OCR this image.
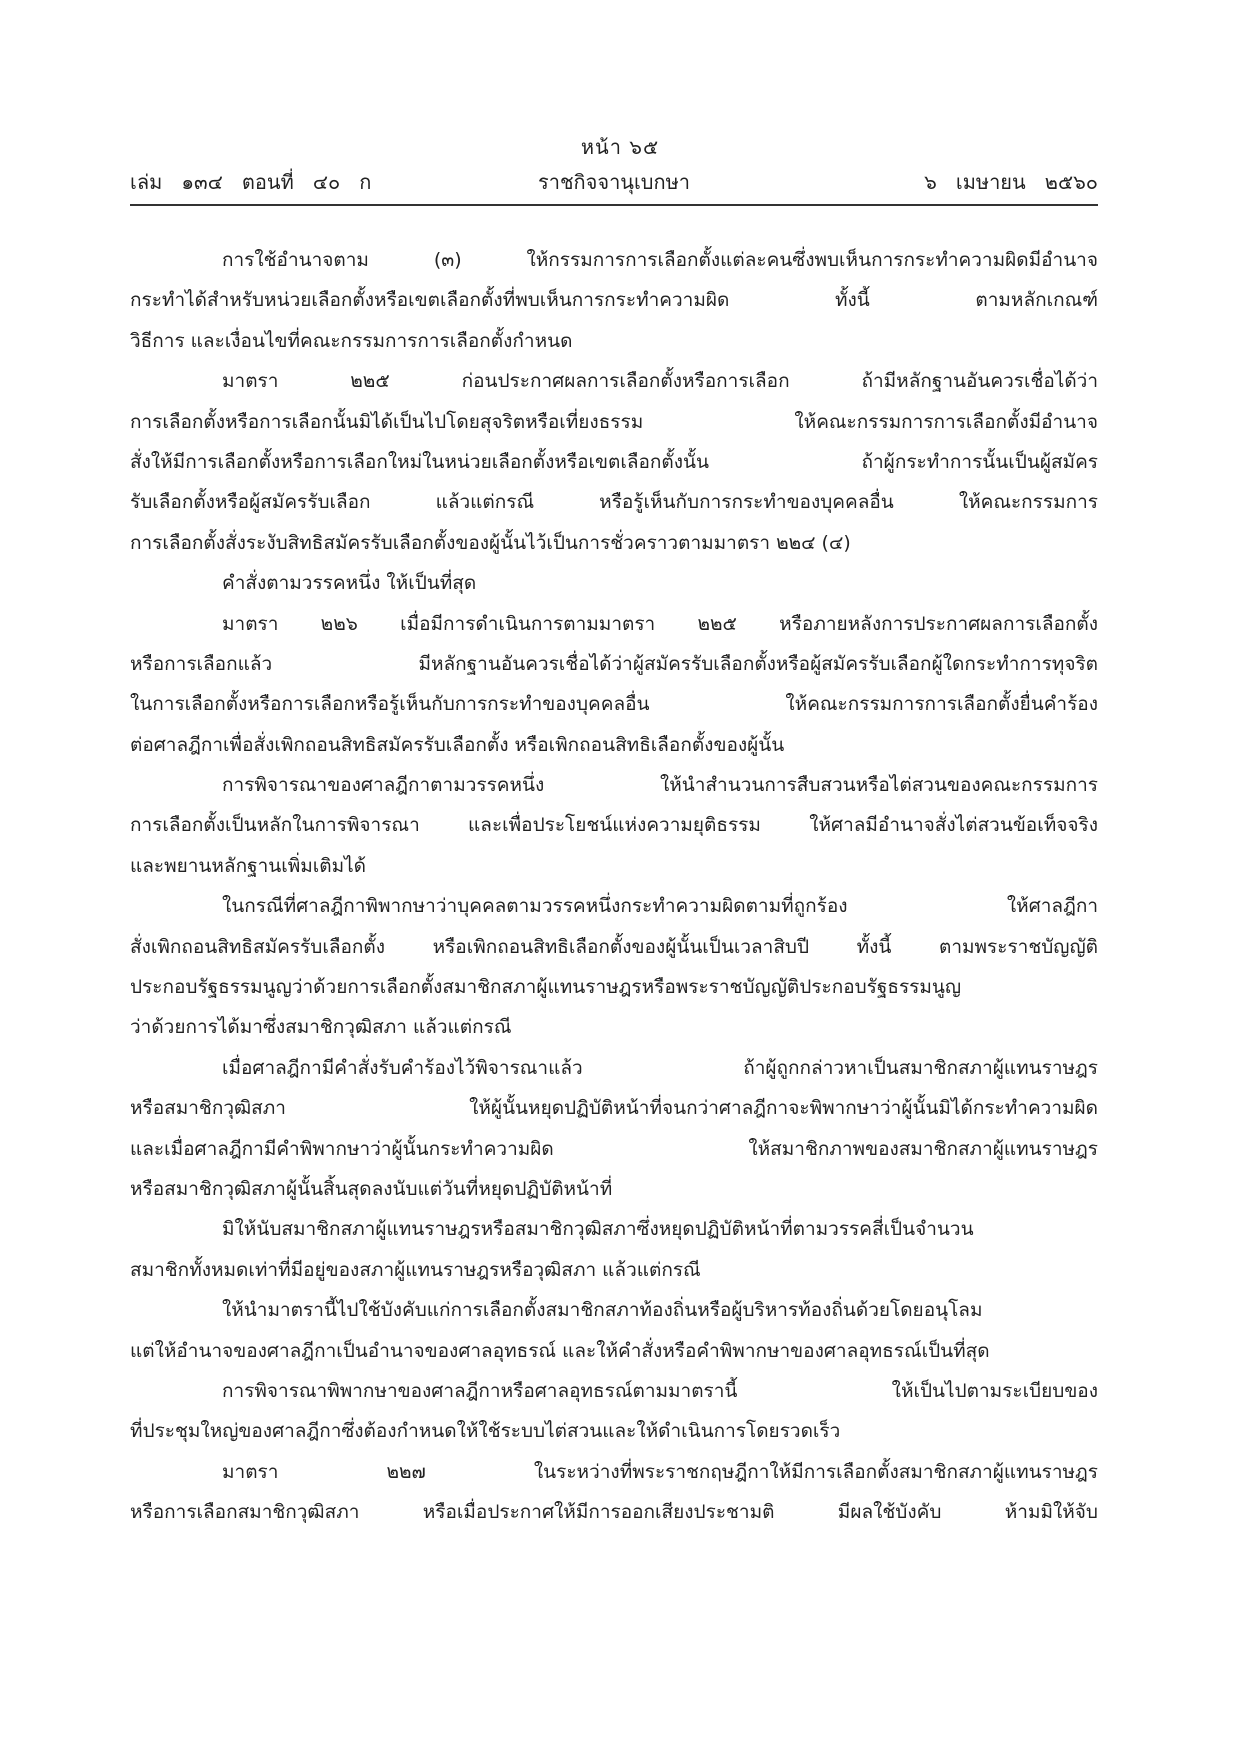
หน้า ๖๕
เล่ม   ๑๓๔   ตอนที่   ๔๐   ก	ราชกิจจานุเบกษา	๖   เมษายน   ๒๕๖๐
การใช้อำนาจตาม (๓) ให้กรรมการการเลือกตั้งแต่ละคนซึ่งพบเห็นการกระทำความผิดมีอำนาจ
กระทำได้สำหรับหน่วยเลือกตั้งหรือเขตเลือกตั้งที่พบเห็นการกระทำความผิด ทั้งนี้ ตามหลักเกณฑ์
วิธีการ และเงื่อนไขที่คณะกรรมการการเลือกตั้งกำหนด
มาตรา ๒๒๕ ก่อนประกาศผลการเลือกตั้งหรือการเลือก ถ้ามีหลักฐานอันควรเชื่อได้ว่า
การเลือกตั้งหรือการเลือกนั้นมิได้เป็นไปโดยสุจริตหรือเที่ยงธรรม ให้คณะกรรมการการเลือกตั้งมีอำนาจ
สั่งให้มีการเลือกตั้งหรือการเลือกใหม่ในหน่วยเลือกตั้งหรือเขตเลือกตั้งนั้น ถ้าผู้กระทำการนั้นเป็นผู้สมัคร
รับเลือกตั้งหรือผู้สมัครรับเลือก แล้วแต่กรณี หรือรู้เห็นกับการกระทำของบุคคลอื่น ให้คณะกรรมการ
การเลือกตั้งสั่งระงับสิทธิสมัครรับเลือกตั้งของผู้นั้นไว้เป็นการชั่วคราวตามมาตรา ๒๒๔ (๔)
คำสั่งตามวรรคหนึ่ง ให้เป็นที่สุด
มาตรา ๒๒๖ เมื่อมีการดำเนินการตามมาตรา ๒๒๕ หรือภายหลังการประกาศผลการเลือกตั้ง
หรือการเลือกแล้ว มีหลักฐานอันควรเชื่อได้ว่าผู้สมัครรับเลือกตั้งหรือผู้สมัครรับเลือกผู้ใดกระทำการทุจริต
ในการเลือกตั้งหรือการเลือกหรือรู้เห็นกับการกระทำของบุคคลอื่น ให้คณะกรรมการการเลือกตั้งยื่นคำร้อง
ต่อศาลฎีกาเพื่อสั่งเพิกถอนสิทธิสมัครรับเลือกตั้ง หรือเพิกถอนสิทธิเลือกตั้งของผู้นั้น
การพิจารณาของศาลฎีกาตามวรรคหนึ่ง ให้นำสำนวนการสืบสวนหรือไต่สวนของคณะกรรมการ
การเลือกตั้งเป็นหลักในการพิจารณา และเพื่อประโยชน์แห่งความยุติธรรม ให้ศาลมีอำนาจสั่งไต่สวนข้อเท็จจริง
และพยานหลักฐานเพิ่มเติมได้
ในกรณีที่ศาลฎีกาพิพากษาว่าบุคคลตามวรรคหนึ่งกระทำความผิดตามที่ถูกร้อง ให้ศาลฎีกา
สั่งเพิกถอนสิทธิสมัครรับเลือกตั้ง หรือเพิกถอนสิทธิเลือกตั้งของผู้นั้นเป็นเวลาสิบปี ทั้งนี้ ตามพระราชบัญญัติ
ประกอบรัฐธรรมนูญว่าด้วยการเลือกตั้งสมาชิกสภาผู้แทนราษฎรหรือพระราชบัญญัติประกอบรัฐธรรมนูญ
ว่าด้วยการได้มาซึ่งสมาชิกวุฒิสภา แล้วแต่กรณี
เมื่อศาลฎีกามีคำสั่งรับคำร้องไว้พิจารณาแล้ว ถ้าผู้ถูกกล่าวหาเป็นสมาชิกสภาผู้แทนราษฎร
หรือสมาชิกวุฒิสภา ให้ผู้นั้นหยุดปฏิบัติหน้าที่จนกว่าศาลฎีกาจะพิพากษาว่าผู้นั้นมิได้กระทำความผิด
และเมื่อศาลฎีกามีคำพิพากษาว่าผู้นั้นกระทำความผิด ให้สมาชิกภาพของสมาชิกสภาผู้แทนราษฎร
หรือสมาชิกวุฒิสภาผู้นั้นสิ้นสุดลงนับแต่วันที่หยุดปฏิบัติหน้าที่
มิให้นับสมาชิกสภาผู้แทนราษฎรหรือสมาชิกวุฒิสภาซึ่งหยุดปฏิบัติหน้าที่ตามวรรคสี่เป็นจำนวน
สมาชิกทั้งหมดเท่าที่มีอยู่ของสภาผู้แทนราษฎรหรือวุฒิสภา แล้วแต่กรณี
ให้นำมาตรานี้ไปใช้บังคับแก่การเลือกตั้งสมาชิกสภาท้องถิ่นหรือผู้บริหารท้องถิ่นด้วยโดยอนุโลม
แต่ให้อำนาจของศาลฎีกาเป็นอำนาจของศาลอุทธรณ์ และให้คำสั่งหรือคำพิพากษาของศาลอุทธรณ์เป็นที่สุด
การพิจารณาพิพากษาของศาลฎีกาหรือศาลอุทธรณ์ตามมาตรานี้ ให้เป็นไปตามระเบียบของ
ที่ประชุมใหญ่ของศาลฎีกาซึ่งต้องกำหนดให้ใช้ระบบไต่สวนและให้ดำเนินการโดยรวดเร็ว
มาตรา ๒๒๗ ในระหว่างที่พระราชกฤษฎีกาให้มีการเลือกตั้งสมาชิกสภาผู้แทนราษฎร
หรือการเลือกสมาชิกวุฒิสภา หรือเมื่อประกาศให้มีการออกเสียงประชามติ มีผลใช้บังคับ ห้ามมิให้จับ
